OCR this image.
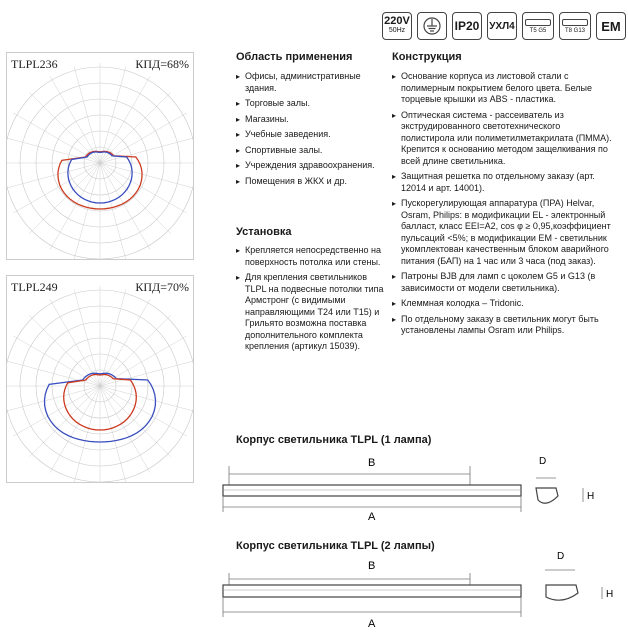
220V
50Hz	IP20 УХЛ4	T5 G5	T8 G13	EM
TLPL236	КПД=68%
TLPL249	КПД=70%
Область применения
▸ Офисы, административные здания.
▸ Торговые залы.
▸ Магазины.
▸ Учебные заведения.
▸ Спортивные залы.
▸ Учреждения здравоохранения.
▸ Помещения в ЖКХ и др.
Установка
▸ Крепляется непосредственно на поверхность потолка или стены.
▸ Для крепления светильников TLPL на подвесные потолки типа Армстронг (с видимыми направляющими T24 или T15) и Грильято возможна поставка дополнительного комплекта крепления (артикул 15039).
Конструкция
▸ Основание корпуса из листовой стали с полимерным покрытием белого цвета. Белые торцевые крышки из ABS - пластика.
▸ Оптическая система - рассеиватель из экструдированного светотехнического полистирола или полиметилметакрилата (ПММА). Крепится к основанию методом защелкивания по всей длине светильника.
▸ Защитная решетка по отдельному заказу (арт. 12014 и арт. 14001).
▸ Пускорегулирующая аппаратура (ПРА) Helvar, Osram, Philips: в модификации EL - электронный балласт, класс EEI=A2, cos φ ≥ 0,95,коэффициент пульсаций <5%; в модификации EM - светильник укомплектован качественным блоком аварийного питания (БАП) на 1 час или 3 часа (под заказ).
▸ Патроны BJB для ламп с цоколем G5 и G13 (в зависимости от модели светильника).
▸ Клеммная колодка – Tridonic.
▸ По отдельному заказу в светильник могут быть установлены лампы Osram или Philips.
Корпус светильника TLPL (1 лампа)
B
A
D
H
Корпус светильника TLPL (2 лампы)
B
A
D
H
